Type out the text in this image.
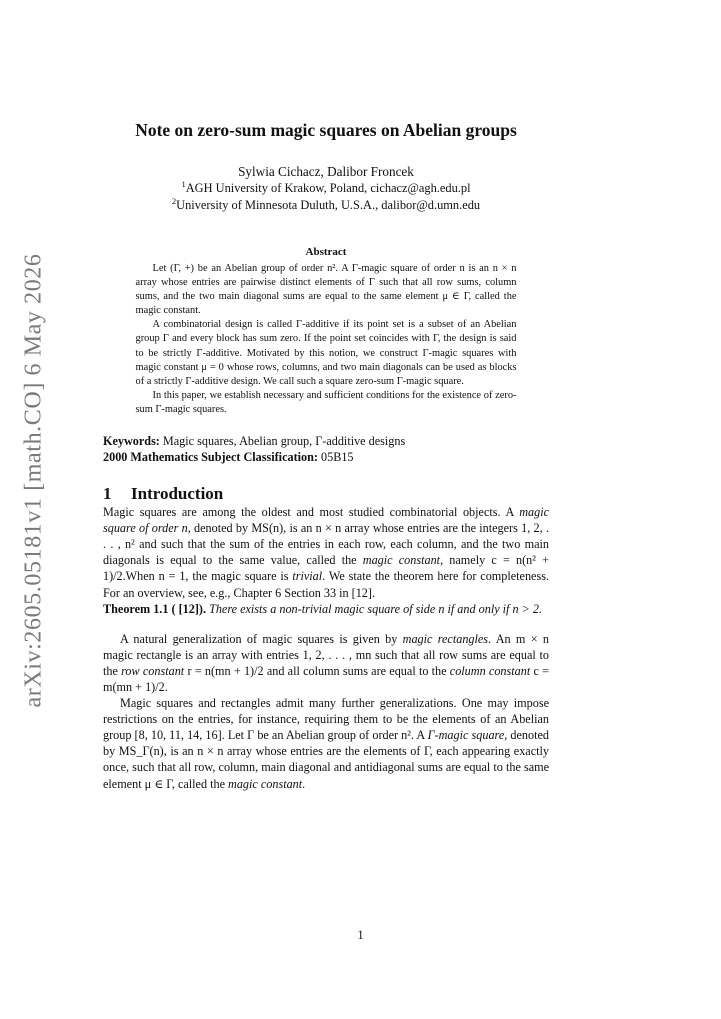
arXiv:2605.05181v1 [math.CO] 6 May 2026
Note on zero-sum magic squares on Abelian groups
Sylwia Cichacz, Dalibor Froncek
$^1$AGH University of Krakow, Poland, cichacz@agh.edu.pl
$^2$University of Minnesota Duluth, U.S.A., dalibor@d.umn.edu
Abstract

Let (Γ, +) be an Abelian group of order n². A Γ-magic square of order n is an n × n array whose entries are pairwise distinct elements of Γ such that all row sums, column sums, and the two main diagonal sums are equal to the same element μ ∈ Γ, called the magic constant.

A combinatorial design is called Γ-additive if its point set is a subset of an Abelian group Γ and every block has sum zero. If the point set coincides with Γ, the design is said to be strictly Γ-additive. Motivated by this notion, we construct Γ-magic squares with magic constant μ = 0 whose rows, columns, and two main diagonals can be used as blocks of a strictly Γ-additive design. We call such a square zero-sum Γ-magic square.

In this paper, we establish necessary and sufficient conditions for the existence of zero-sum Γ-magic squares.

Keywords: Magic squares, Abelian group, Γ-additive designs
2000 Mathematics Subject Classification: 05B15
1 Introduction

Magic squares are among the oldest and most studied combinatorial objects. A magic square of order n, denoted by MS(n), is an n × n array whose entries are the integers 1, 2, . . . , n² and such that the sum of the entries in each row, each column, and the two main diagonals is equal to the same value, called the magic constant, namely c = n(n² + 1)/2.When n = 1, the magic square is trivial. We state the theorem here for completeness. For an overview, see, e.g., Chapter 6 Section 33 in [12].

Theorem 1.1 ( [12]). There exists a non-trivial magic square of side n if and only if n > 2.

A natural generalization of magic squares is given by magic rectangles. An m × n magic rectangle is an array with entries 1, 2, . . . , mn such that all row sums are equal to the row constant r = n(mn + 1)/2 and all column sums are equal to the column constant c = m(mn + 1)/2.

Magic squares and rectangles admit many further generalizations. One may impose restrictions on the entries, for instance, requiring them to be the elements of an Abelian group [8, 10, 11, 14, 16]. Let Γ be an Abelian group of order n². A Γ-magic square, denoted by MS_Γ(n), is an n × n array whose entries are the elements of Γ, each appearing exactly once, such that all row, column, main diagonal and antidiagonal sums are equal to the same element μ ∈ Γ, called the magic constant.

1
